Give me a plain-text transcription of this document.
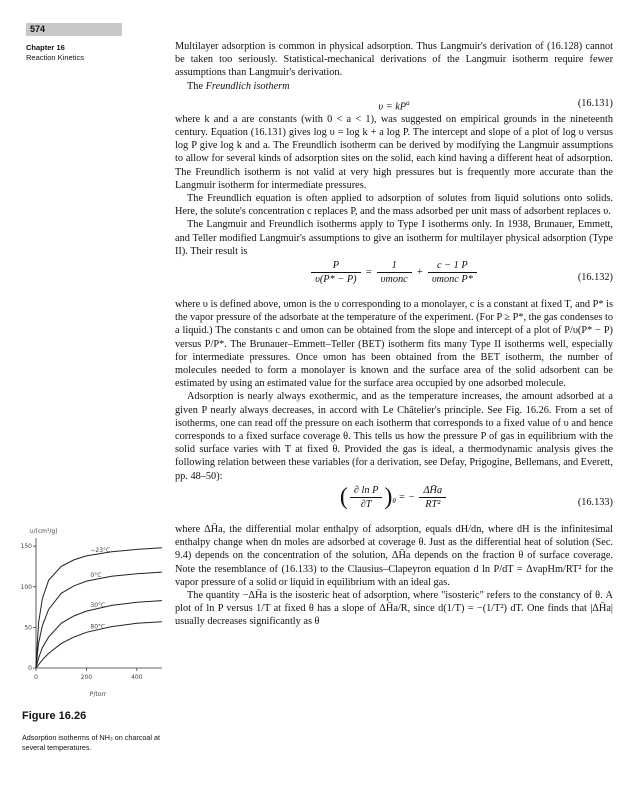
574
Chapter 16
Reaction Kinetics

Multilayer adsorption is common in physical adsorption. Thus Langmuir's derivation of (16.128) cannot be taken too seriously. Statistical-mechanical derivations of the Langmuir isotherm require fewer assumptions than Langmuir's derivation.

The Freundlich isotherm

$\upsilon = kP^a$	(16.131)

where k and a are constants (with 0 < a < 1), was suggested on empirical grounds in the nineteenth century. Equation (16.131) gives log υ = log k + a log P. The intercept and slope of a plot of log υ versus log P give log k and a. The Freundlich isotherm can be derived by modifying the Langmuir assumptions to allow for several kinds of adsorption sites on the solid, each kind having a different heat of adsorption. The Freundlich isotherm is not valid at very high pressures but is frequently more accurate than the Langmuir isotherm for intermediate pressures.

The Freundlich equation is often applied to adsorption of solutes from liquid solutions onto solids. Here, the solute's concentration c replaces P, and the mass adsorbed per unit mass of adsorbent replaces υ.

The Langmuir and Freundlich isotherms apply to Type I isotherms only. In 1938, Brunauer, Emmett, and Teller modified Langmuir's assumptions to give an isotherm for multilayer physical adsorption (Type II). Their result is

$\frac{P}{\upsilon(P* - P)} = \frac{1}{\text{υmonc}} + \frac{c - 1 P}{\text{υmonc P*}}$	(16.132)

where υ is defined above, υmon is the υ corresponding to a monolayer, c is a constant at fixed T, and P* is the vapor pressure of the adsorbate at the temperature of the experiment. (For P ≥ P*, the gas condenses to a liquid.) The constants c and υmon can be obtained from the slope and intercept of a plot of P/υ(P* − P) versus P/P*. The Brunauer–Emmett–Teller (BET) isotherm fits many Type II isotherms well, especially for intermediate pressures. Once υmon has been obtained from the BET isotherm, the number of molecules needed to form a monolayer is known and the surface area of the solid adsorbent can be estimated by using an estimated value for the surface area occupied by one adsorbed molecule.

Adsorption is nearly always exothermic, and as the temperature increases, the amount adsorbed at a given P nearly always decreases, in accord with Le Châtelier's principle. See Fig. 16.26. From a set of isotherms, one can read off the pressure on each isotherm that corresponds to a fixed value of υ and hence corresponds to a fixed surface coverage θ. This tells us how the pressure P of gas in equilibrium with the solid surface varies with T at fixed θ. Provided the gas is ideal, a thermodynamic analysis gives the following relation between these variables (for a derivation, see Defay, Prigogine, Bellemans, and Everett, pp. 48–50):

( $\frac{\text{∂ ln P}}{\partial T} )_\theta$ = − $\frac{\Delta H̄a}{\text{RT²}}$	(16.133)

where ΔH̄a, the differential molar enthalpy of adsorption, equals dH/dn, where dH is the infinitesimal enthalpy change when dn moles are adsorbed at coverage θ. Just as the differential heat of solution (Sec. 9.4) depends on the concentration of the solution, ΔH̄a depends on the fraction θ of surface coverage. Note the resemblance of (16.133) to the Clausius–Clapeyron equation d ln P/dT = ΔvapHm/RT² for the vapor pressure of a solid or liquid in equilibrium with an ideal gas.

The quantity −ΔH̄a is the isosteric heat of adsorption, where "isosteric" refers to the constancy of θ. A plot of ln P versus 1/T at fixed θ has a slope of ΔH̄a/R, since d(1/T) = −(1/T²) dT. One finds that |ΔH̄a| usually decreases significantly as θ

υ/(cm³/g)
P/torr
0
50
100
150
0	200	400
−23°C
0°C
30°C
80°C
Figure 16.26
Adsorption isotherms of NH₃ on charcoal at several temperatures.
